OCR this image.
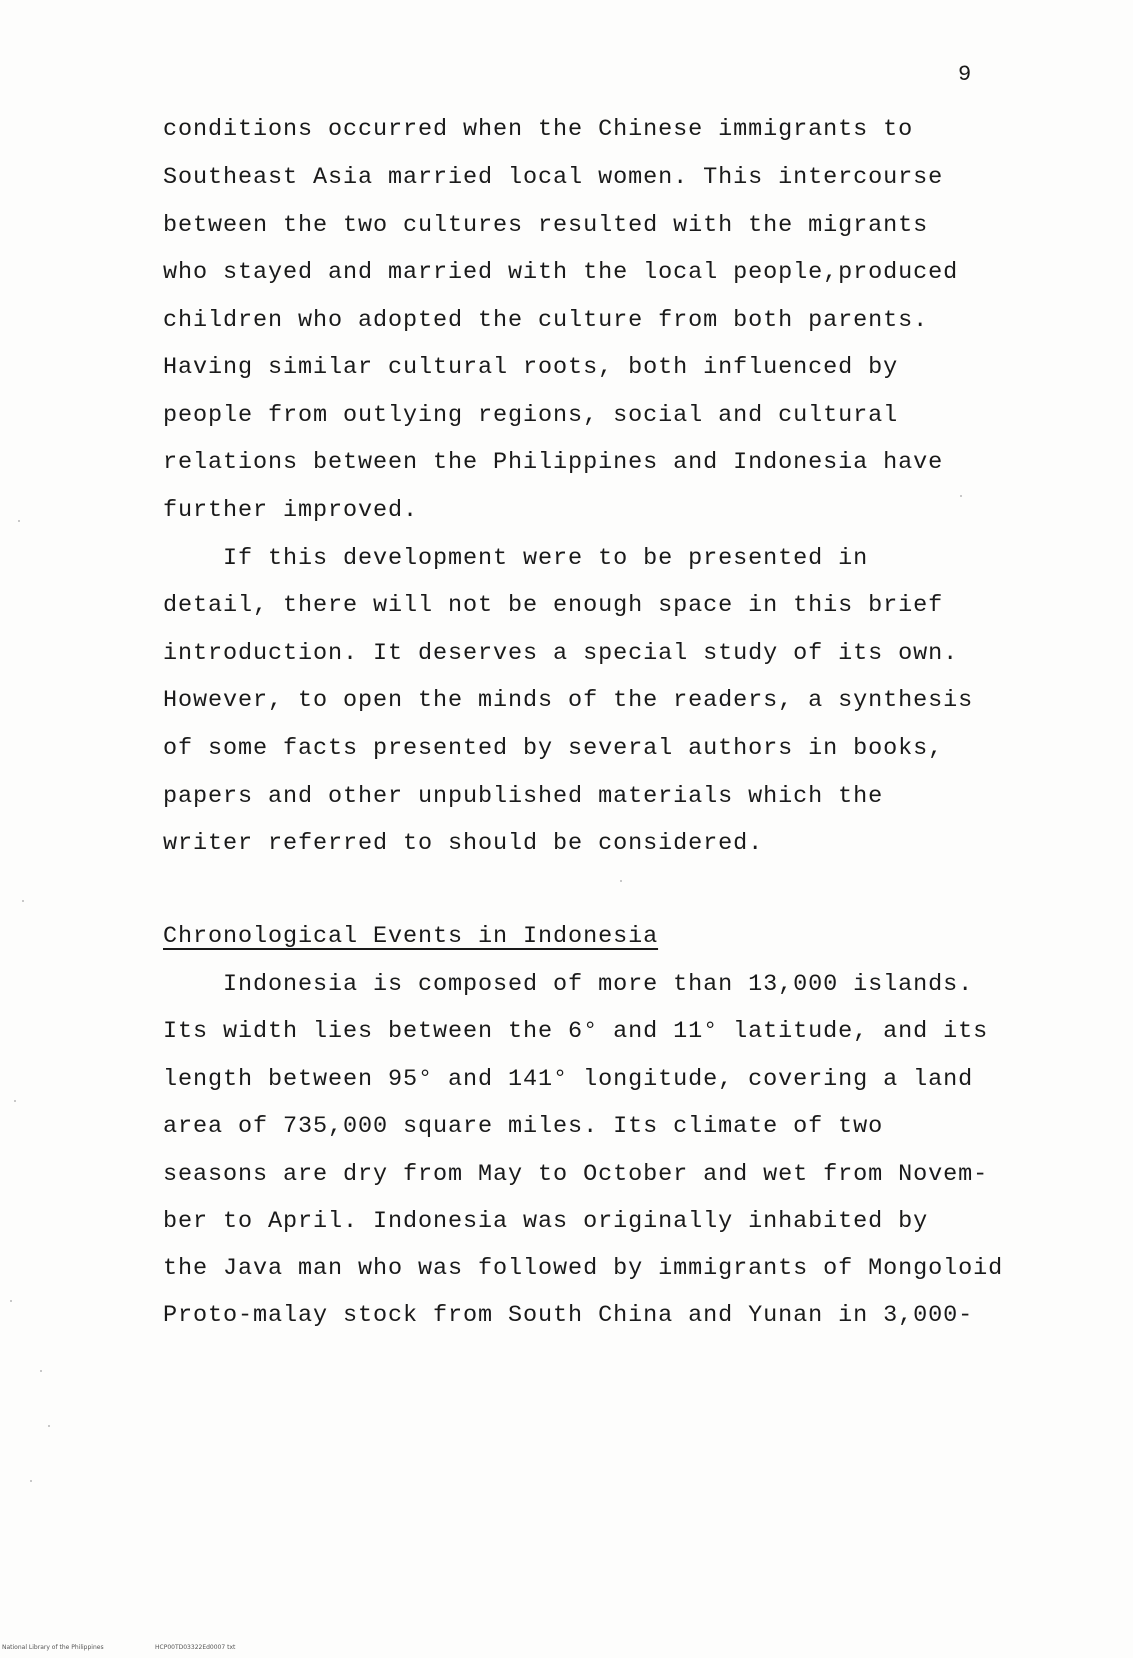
9
conditions occurred when the Chinese immigrants to
Southeast Asia married local women. This intercourse
between the two cultures resulted with the migrants
who stayed and married with the local people,produced
children who adopted the culture from both parents.
Having similar cultural roots, both influenced by
people from outlying regions, social and cultural
relations between the Philippines and Indonesia have
further improved.
If this development were to be presented in
detail, there will not be enough space in this brief
introduction. It deserves a special study of its own.
However, to open the minds of the readers, a synthesis
of some facts presented by several authors in books,
papers and other unpublished materials which the
writer referred to should be considered.
Chronological Events in Indonesia
Indonesia is composed of more than 13,000 islands.
Its width lies between the 6° and 11° latitude, and its
length between 95° and 141° longitude, covering a land
area of 735,000 square miles. Its climate of two
seasons are dry from May to October and wet from Novem-
ber to April. Indonesia was originally inhabited by
the Java man who was followed by immigrants of Mongoloid
Proto-malay stock from South China and Yunan in 3,000-
National Library of the Philippines	HCP00TD03322Ed0007 txt
